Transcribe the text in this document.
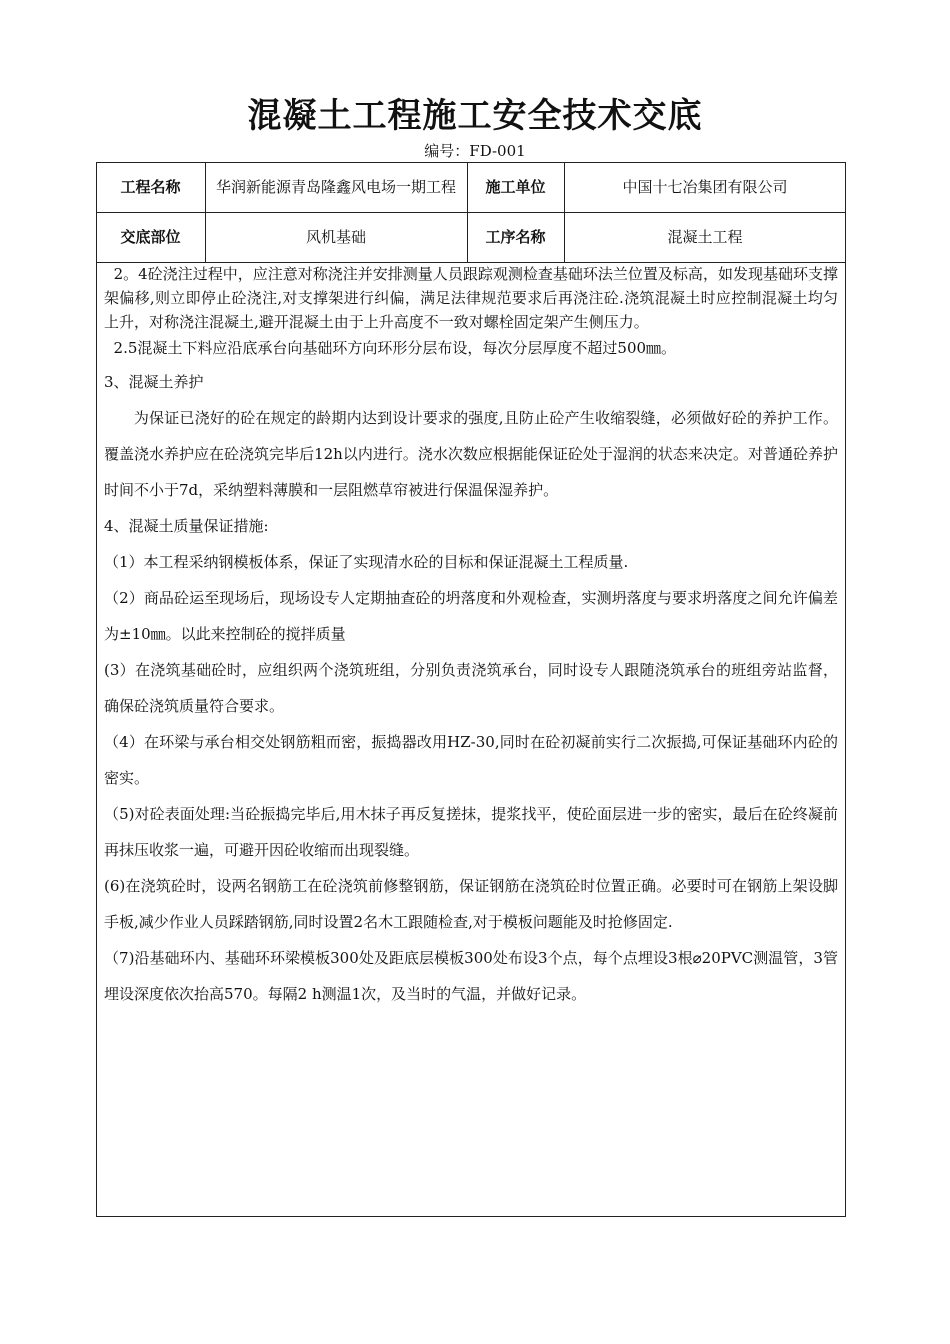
混凝土工程施工安全技术交底
编号：FD-001
工程名称	华润新能源青岛隆鑫风电场一期工程	施工单位	中国十七冶集团有限公司
交底部位	风机基础	工序名称	混凝土工程

2。4砼浇注过程中，应注意对称浇注并安排测量人员跟踪观测检查基础环法兰位置及标高，如发现基础环支撑架偏移,则立即停止砼浇注,对支撑架进行纠偏，满足法律规范要求后再浇注砼.浇筑混凝土时应控制混凝土均匀上升，对称浇注混凝土,避开混凝土由于上升高度不一致对螺栓固定架产生侧压力。

2.5混凝土下料应沿底承台向基础环方向环形分层布设，每次分层厚度不超过500㎜。

3、混凝土养护

为保证已浇好的砼在规定的龄期内达到设计要求的强度,且防止砼产生收缩裂缝，必须做好砼的养护工作。覆盖浇水养护应在砼浇筑完毕后12h以内进行。浇水次数应根据能保证砼处于湿润的状态来决定。对普通砼养护时间不小于7d，采纳塑料薄膜和一层阻燃草帘被进行保温保湿养护。

4、混凝土质量保证措施:

（1）本工程采纳钢模板体系，保证了实现清水砼的目标和保证混凝土工程质量.

（2）商品砼运至现场后，现场设专人定期抽查砼的坍落度和外观检查，实测坍落度与要求坍落度之间允许偏差为±10㎜。以此来控制砼的搅拌质量

(3）在浇筑基础砼时，应组织两个浇筑班组，分别负责浇筑承台，同时设专人跟随浇筑承台的班组旁站监督，确保砼浇筑质量符合要求。

（4）在环梁与承台相交处钢筋粗而密，振捣器改用HZ-30,同时在砼初凝前实行二次振捣,可保证基础环内砼的密实。

（5)对砼表面处理:当砼振捣完毕后,用木抹子再反复搓抹，提浆找平，使砼面层进一步的密实，最后在砼终凝前再抹压收浆一遍，可避开因砼收缩而出现裂缝。

(6)在浇筑砼时，设两名钢筋工在砼浇筑前修整钢筋，保证钢筋在浇筑砼时位置正确。必要时可在钢筋上架设脚手板,减少作业人员踩踏钢筋,同时设置2名木工跟随检查,对于模板问题能及时抢修固定.

（7)沿基础环内、基础环环梁模板300处及距底层模板300处布设3个点，每个点埋设3根⌀20PVC测温管，3管埋设深度依次抬高570。每隔2 h测温1次，及当时的气温，并做好记录。
